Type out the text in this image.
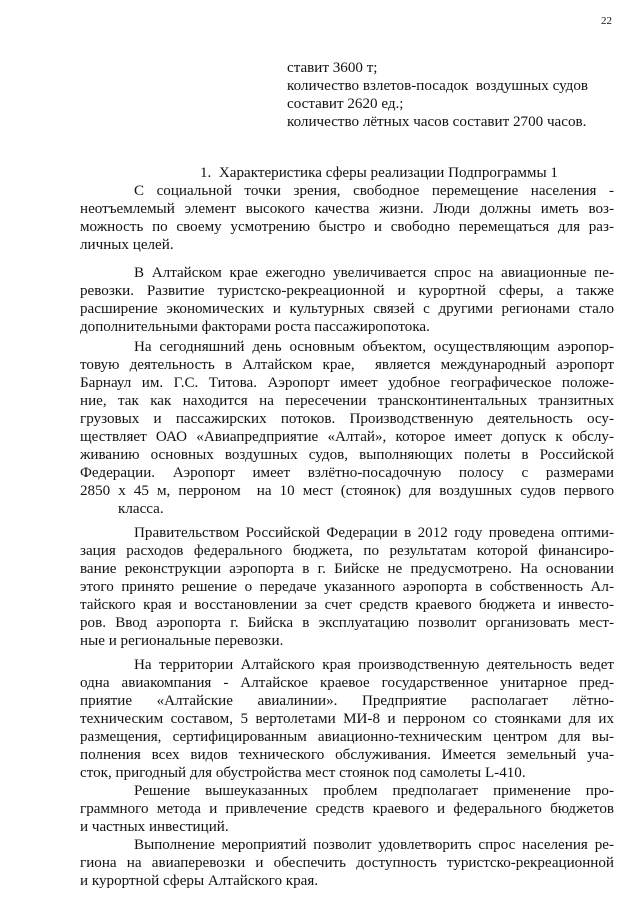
22
ставит 3600 т;
количество взлетов-посадок  воздушных судов
составит 2620 ед.;
количество лётных часов составит 2700 часов.
1.  Характеристика сферы реализации Подпрограммы 1
С социальной точки зрения, свободное перемещение населения -
неотъемлемый элемент высокого качества жизни. Люди должны иметь воз-
можность по своему усмотрению быстро и свободно перемещаться для раз-
личных целей.
В Алтайском крае ежегодно увеличивается спрос на авиационные пе-
ревозки. Развитие туристско-рекреационной и курортной сферы, а также
расширение экономических и культурных связей с другими регионами стало
дополнительными факторами роста пассажиропотока.
На сегодняшний день основным объектом, осуществляющим аэропор-
товую деятельность в Алтайском крае,  является международный аэропорт
Барнаул им. Г.С. Титова. Аэропорт имеет удобное географическое положе-
ние, так как находится на пересечении трансконтинентальных транзитных
грузовых и пассажирских потоков. Производственную деятельность осу-
ществляет ОАО «Авиапредприятие «Алтай», которое имеет допуск к обслу-
живанию основных воздушных судов, выполняющих полеты в Российской
Федерации. Аэропорт имеет взлётно-посадочную полосу с размерами
2850 х 45 м, перроном  на 10 мест (стоянок) для воздушных судов первого
класса.
Правительством Российской Федерации в 2012 году проведена оптими-
зация расходов федерального бюджета, по результатам которой финансиро-
вание реконструкции аэропорта в г. Бийске не предусмотрено. На основании
этого принято решение о передаче указанного аэропорта в собственность Ал-
тайского края и восстановлении за счет средств краевого бюджета и инвесто-
ров. Ввод аэропорта г. Бийска в эксплуатацию позволит организовать мест-
ные и региональные перевозки.
На территории Алтайского края производственную деятельность ведет
одна авиакомпания - Алтайское краевое государственное унитарное пред-
приятие «Алтайские авиалинии». Предприятие располагает лётно-
техническим составом, 5 вертолетами МИ-8 и перроном со стоянками для их
размещения, сертифицированным авиационно-техническим центром для вы-
полнения всех видов технического обслуживания. Имеется земельный уча-
сток, пригодный для обустройства мест стоянок под самолеты L-410.
Решение вышеуказанных проблем предполагает применение про-
граммного метода и привлечение средств краевого и федерального бюджетов
и частных инвестиций.
Выполнение мероприятий позволит удовлетворить спрос населения ре-
гиона на авиаперевозки и обеспечить доступность туристско-рекреационной
и курортной сферы Алтайского края.
